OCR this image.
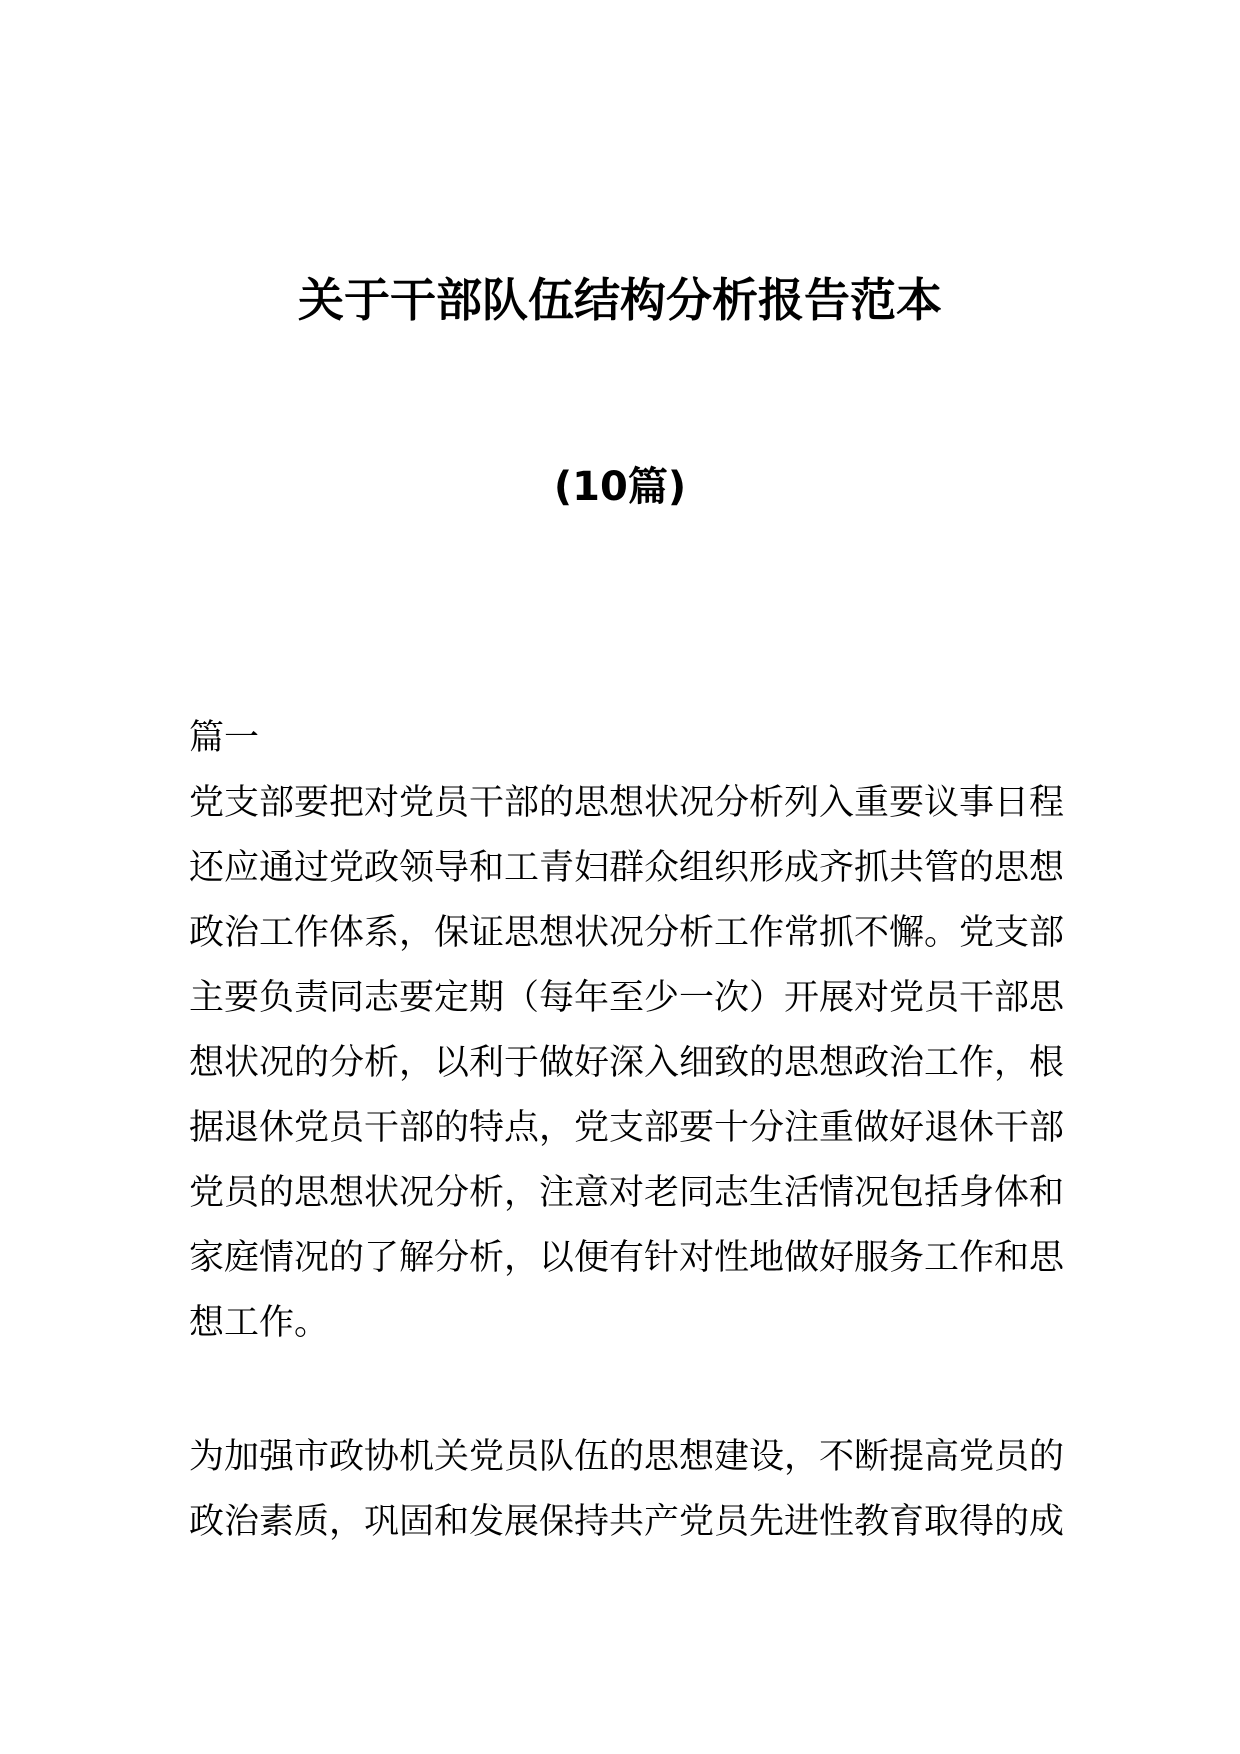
关于干部队伍结构分析报告范本
(10篇)
篇一
党支部要把对党员干部的思想状况分析列入重要议事日程
还应通过党政领导和工青妇群众组织形成齐抓共管的思想
政治工作体系，保证思想状况分析工作常抓不懈。党支部
主要负责同志要定期（每年至少一次）开展对党员干部思
想状况的分析，以利于做好深入细致的思想政治工作，根
据退休党员干部的特点，党支部要十分注重做好退休干部
党员的思想状况分析，注意对老同志生活情况包括身体和
家庭情况的了解分析，以便有针对性地做好服务工作和思
想工作。
为加强市政协机关党员队伍的思想建设，不断提高党员的
政治素质，巩固和发展保持共产党员先进性教育取得的成
